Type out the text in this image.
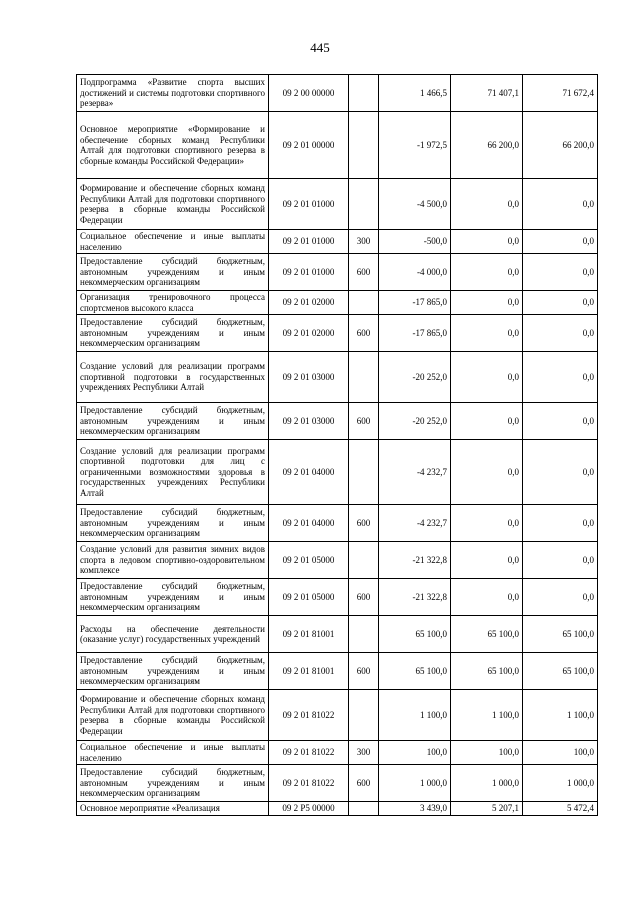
445
Подпрограмма «Развитие спорта высших достижений и системы подготовки спортивного резерва»	09 2 00 00000		1 466,5	71 407,1	71 672,4
Основное мероприятие «Формирование и обеспечение сборных команд Республики Алтай для подготовки спортивного резерва в сборные команды Российской Федерации»	09 2 01 00000		-1 972,5	66 200,0	66 200,0
Формирование и обеспечение сборных команд Республики Алтай для подготовки спортивного резерва в сборные команды Российской Федерации	09 2 01 01000		-4 500,0	0,0	0,0
Социальное обеспечение и иные выплаты населению	09 2 01 01000	300	-500,0	0,0	0,0
Предоставление субсидий бюджетным, автономным учреждениям и иным некоммерческим организациям	09 2 01 01000	600	-4 000,0	0,0	0,0
Организация тренировочного процесса спортсменов высокого класса	09 2 01 02000		-17 865,0	0,0	0,0
Предоставление субсидий бюджетным, автономным учреждениям и иным некоммерческим организациям	09 2 01 02000	600	-17 865,0	0,0	0,0
Создание условий для реализации программ спортивной подготовки в государственных учреждениях Республики Алтай	09 2 01 03000		-20 252,0	0,0	0,0
Предоставление субсидий бюджетным, автономным учреждениям и иным некоммерческим организациям	09 2 01 03000	600	-20 252,0	0,0	0,0
Создание условий для реализации программ спортивной подготовки для лиц с ограниченными возможностями здоровья в государственных учреждениях Республики Алтай	09 2 01 04000		-4 232,7	0,0	0,0
Предоставление субсидий бюджетным, автономным учреждениям и иным некоммерческим организациям	09 2 01 04000	600	-4 232,7	0,0	0,0
Создание условий для развития зимних видов спорта в ледовом спортивно-оздоровительном комплексе	09 2 01 05000		-21 322,8	0,0	0,0
Предоставление субсидий бюджетным, автономным учреждениям и иным некоммерческим организациям	09 2 01 05000	600	-21 322,8	0,0	0,0
Расходы на обеспечение деятельности (оказание услуг) государственных учреждений	09 2 01 81001		65 100,0	65 100,0	65 100,0
Предоставление субсидий бюджетным, автономным учреждениям и иным некоммерческим организациям	09 2 01 81001	600	65 100,0	65 100,0	65 100,0
Формирование и обеспечение сборных команд Республики Алтай для подготовки спортивного резерва в сборные команды Российской Федерации	09 2 01 81022		1 100,0	1 100,0	1 100,0
Социальное обеспечение и иные выплаты населению	09 2 01 81022	300	100,0	100,0	100,0
Предоставление субсидий бюджетным, автономным учреждениям и иным некоммерческим организациям	09 2 01 81022	600	1 000,0	1 000,0	1 000,0
Основное мероприятие «Реализация	09 2 P5 00000		3 439,0	5 207,1	5 472,4
